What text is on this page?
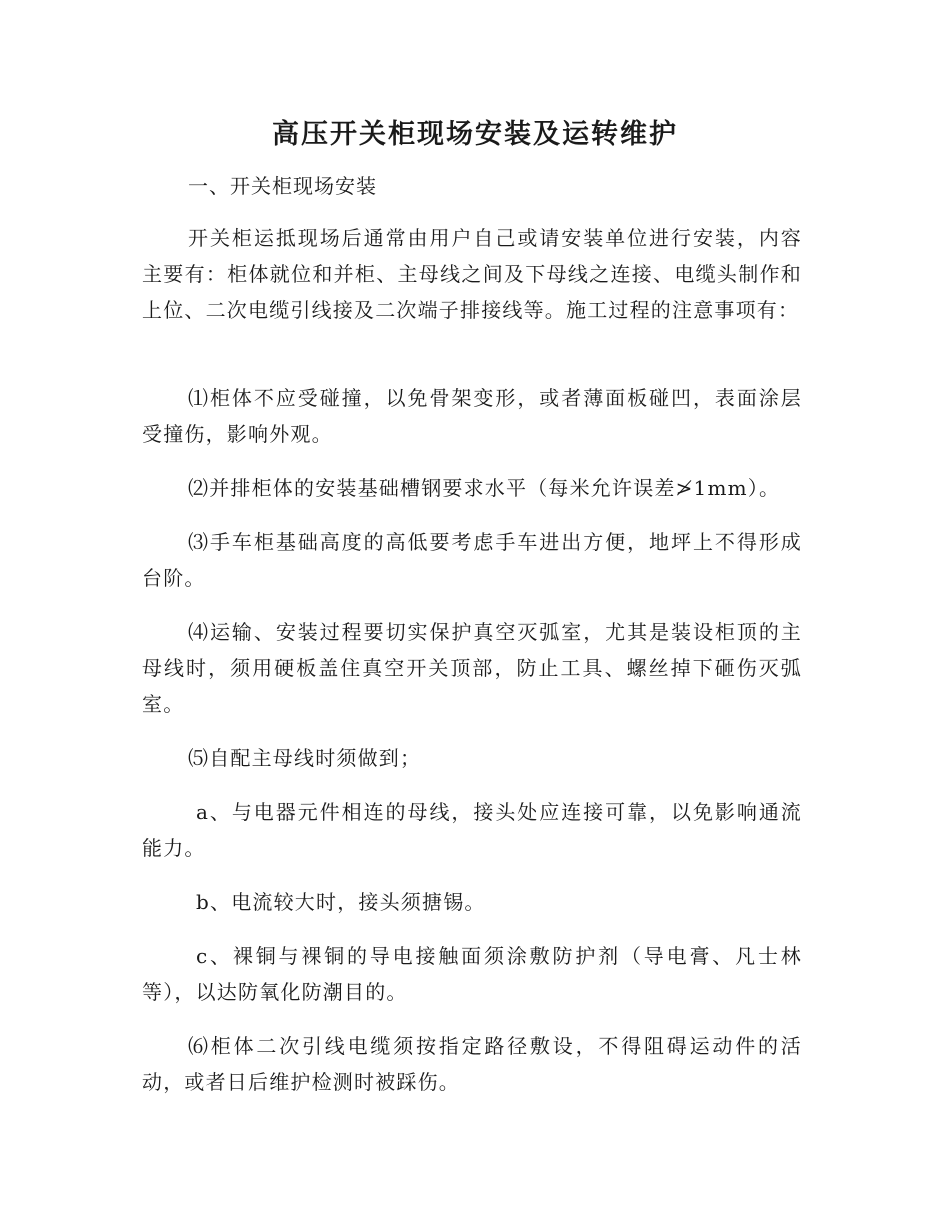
高压开关柜现场安装及运转维护

一、开关柜现场安装

开关柜运抵现场后通常由用户自己或请安装单位进行安装，内容主要有：柜体就位和并柜、主母线之间及下母线之连接、电缆头制作和上位、二次电缆引线接及二次端子排接线等。施工过程的注意事项有：

⑴柜体不应受碰撞，以免骨架变形，或者薄面板碰凹，表面涂层受撞伤，影响外观。

⑵并排柜体的安装基础槽钢要求水平（每米允许误差≯1mm）。

⑶手车柜基础高度的高低要考虑手车进出方便，地坪上不得形成台阶。

⑷运输、安装过程要切实保护真空灭弧室，尤其是装设柜顶的主母线时，须用硬板盖住真空开关顶部，防止工具、螺丝掉下砸伤灭弧室。

⑸自配主母线时须做到；

a、与电器元件相连的母线，接头处应连接可靠，以免影响通流能力。

b、电流较大时，接头须搪锡。

c、裸铜与裸铜的导电接触面须涂敷防护剂（导电膏、凡士林等），以达防氧化防潮目的。

⑹柜体二次引线电缆须按指定路径敷设，不得阻碍运动件的活动，或者日后维护检测时被踩伤。
